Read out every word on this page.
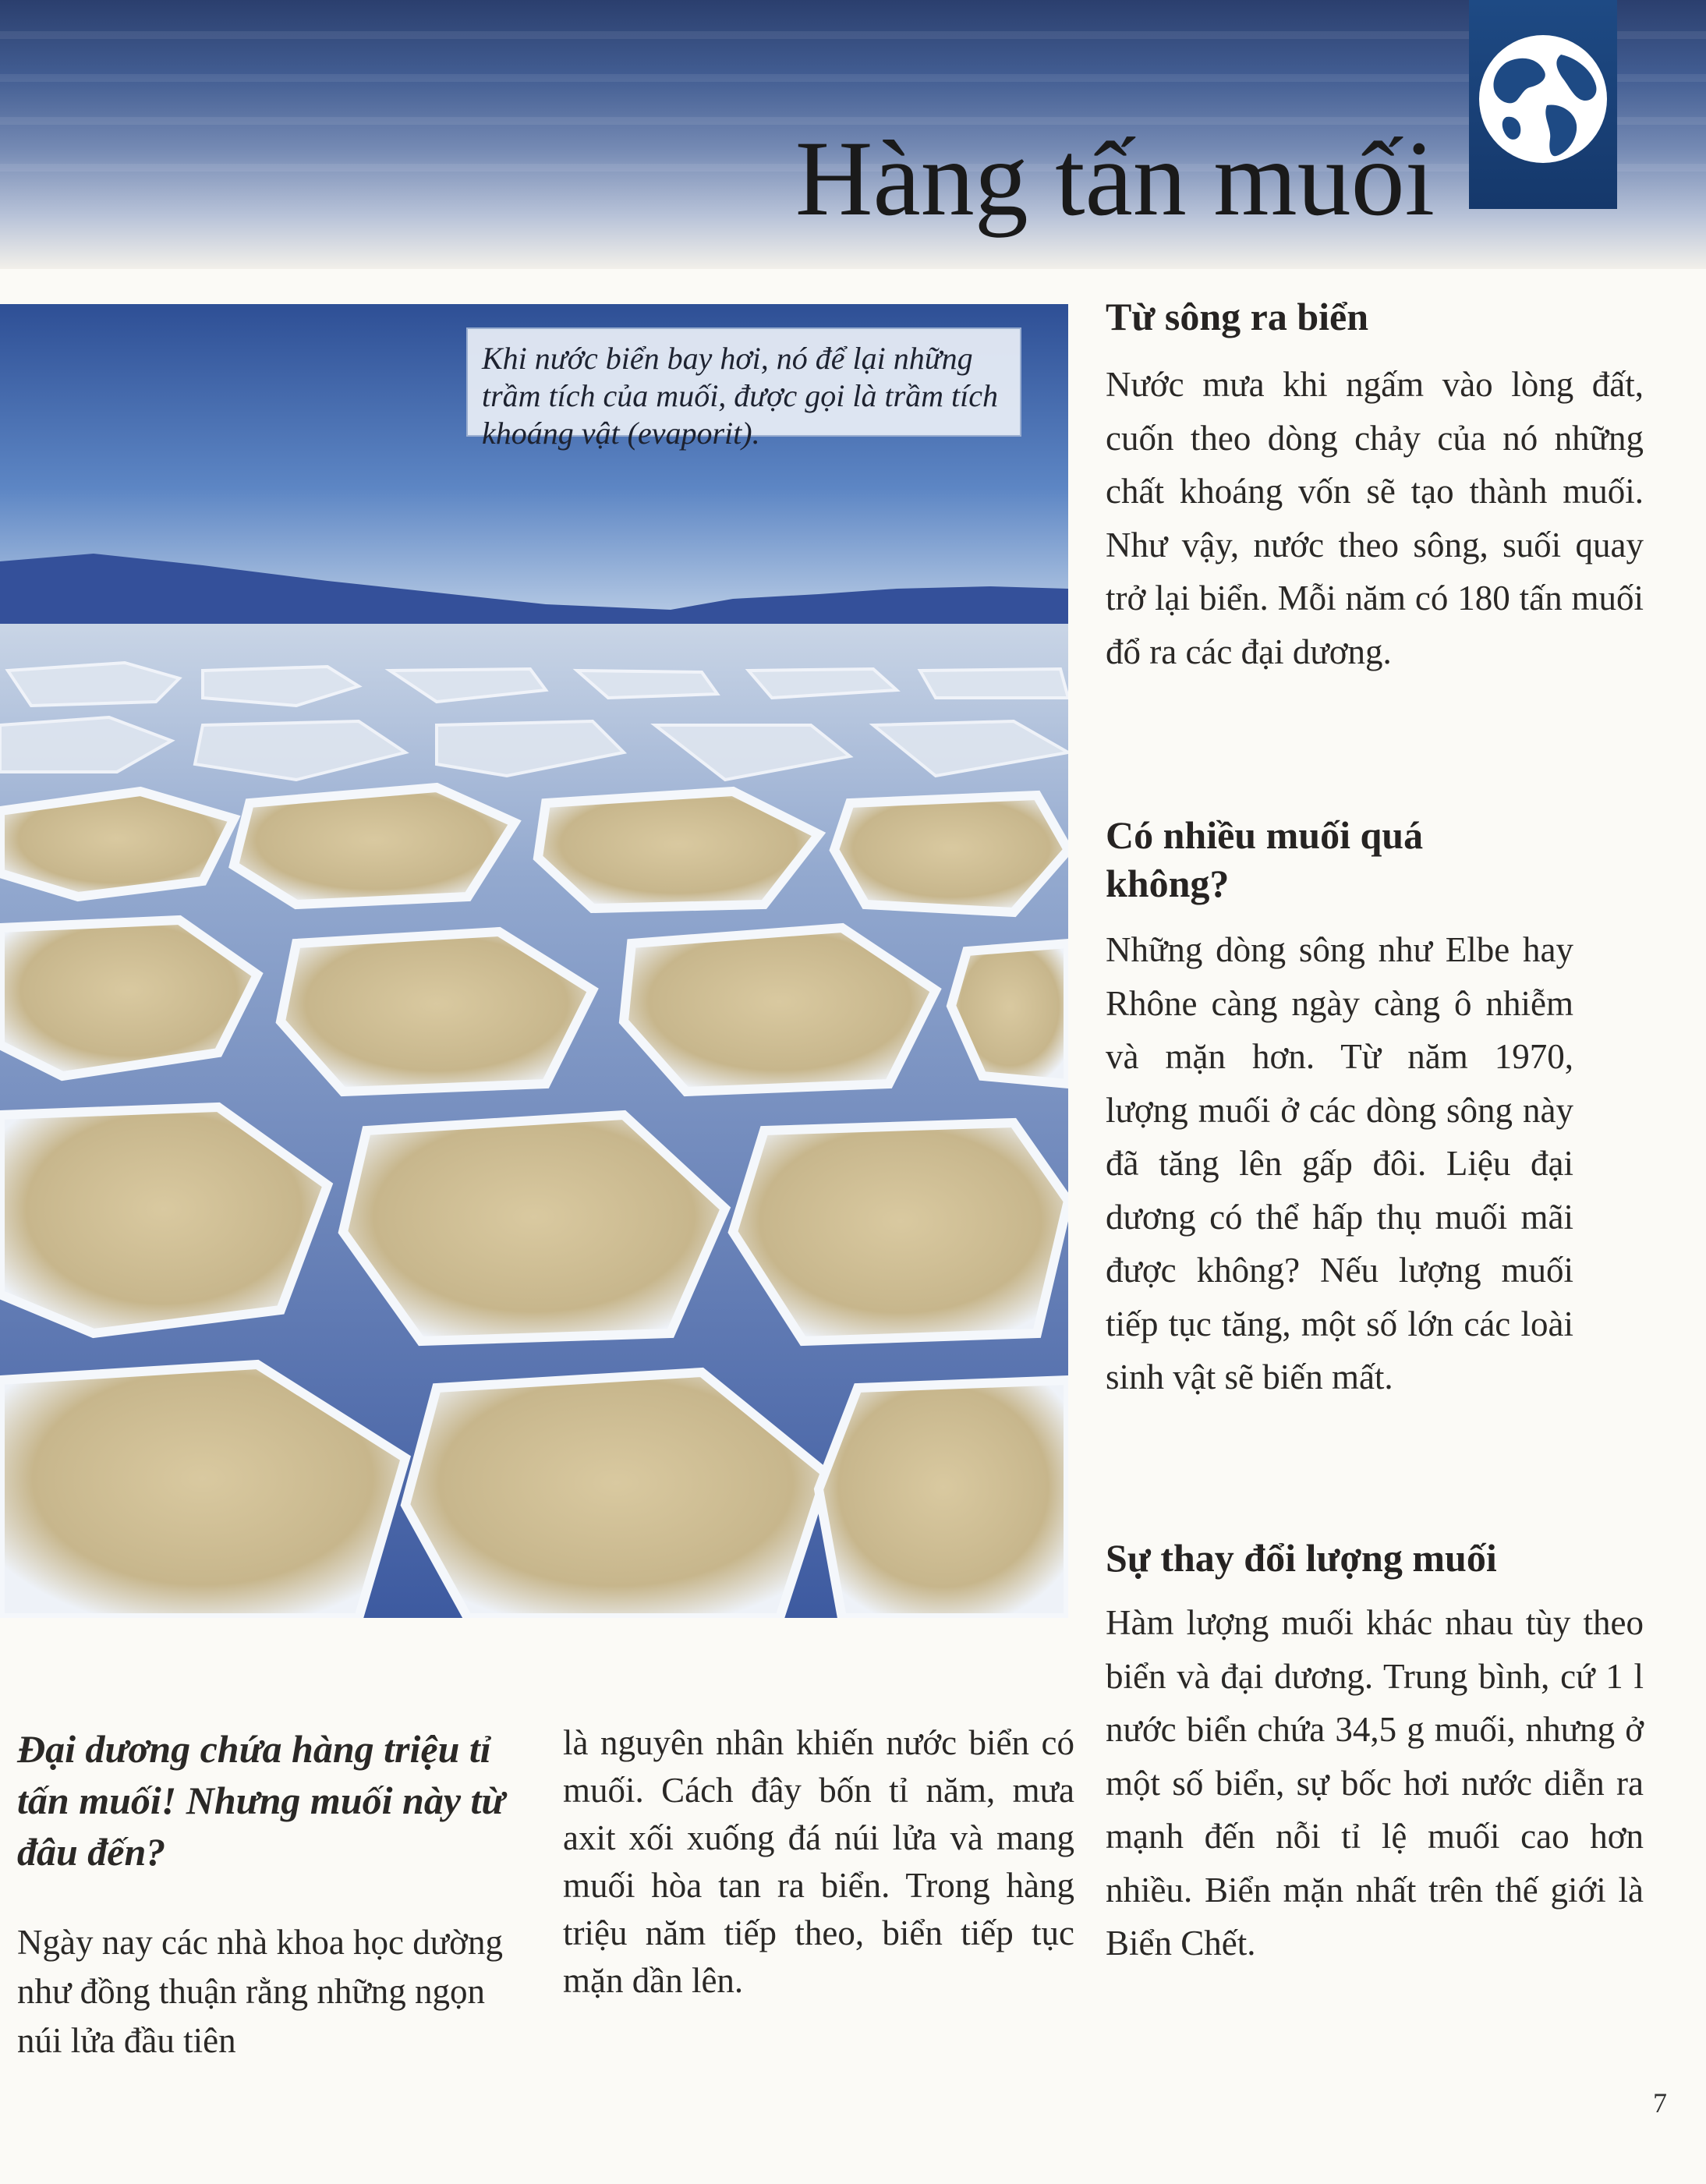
Hàng tấn muối
Khi nước biển bay hơi, nó để lại những trầm tích của muối, được gọi là trầm tích khoáng vật (evaporit).
Từ sông ra biển

Nước mưa khi ngấm vào lòng đất, cuốn theo dòng chảy của nó những chất khoáng vốn sẽ tạo thành muối. Như vậy, nước theo sông, suối quay trở lại biển. Mỗi năm có 180 tấn muối đổ ra các đại dương.

Có nhiều muối quá không?

Những dòng sông như Elbe hay Rhône càng ngày càng ô nhiễm và mặn hơn. Từ năm 1970, lượng muối ở các dòng sông này đã tăng lên gấp đôi. Liệu đại dương có thể hấp thụ muối mãi được không? Nếu lượng muối tiếp tục tăng, một số lớn các loài sinh vật sẽ biến mất.

Sự thay đổi lượng muối

Hàm lượng muối khác nhau tùy theo biển và đại dương. Trung bình, cứ 1 l nước biển chứa 34,5 g muối, nhưng ở một số biển, sự bốc hơi nước diễn ra mạnh đến nỗi tỉ lệ muối cao hơn nhiều. Biển mặn nhất trên thế giới là Biển Chết.

Đại dương chứa hàng triệu tỉ tấn muối! Nhưng muối này từ đâu đến?
Ngày nay các nhà khoa học dường như đồng thuận rằng những ngọn núi lửa đầu tiên
là nguyên nhân khiến nước biển có muối. Cách đây bốn tỉ năm, mưa axit xối xuống đá núi lửa và mang muối hòa tan ra biển. Trong hàng triệu năm tiếp theo, biển tiếp tục mặn dần lên.
7
